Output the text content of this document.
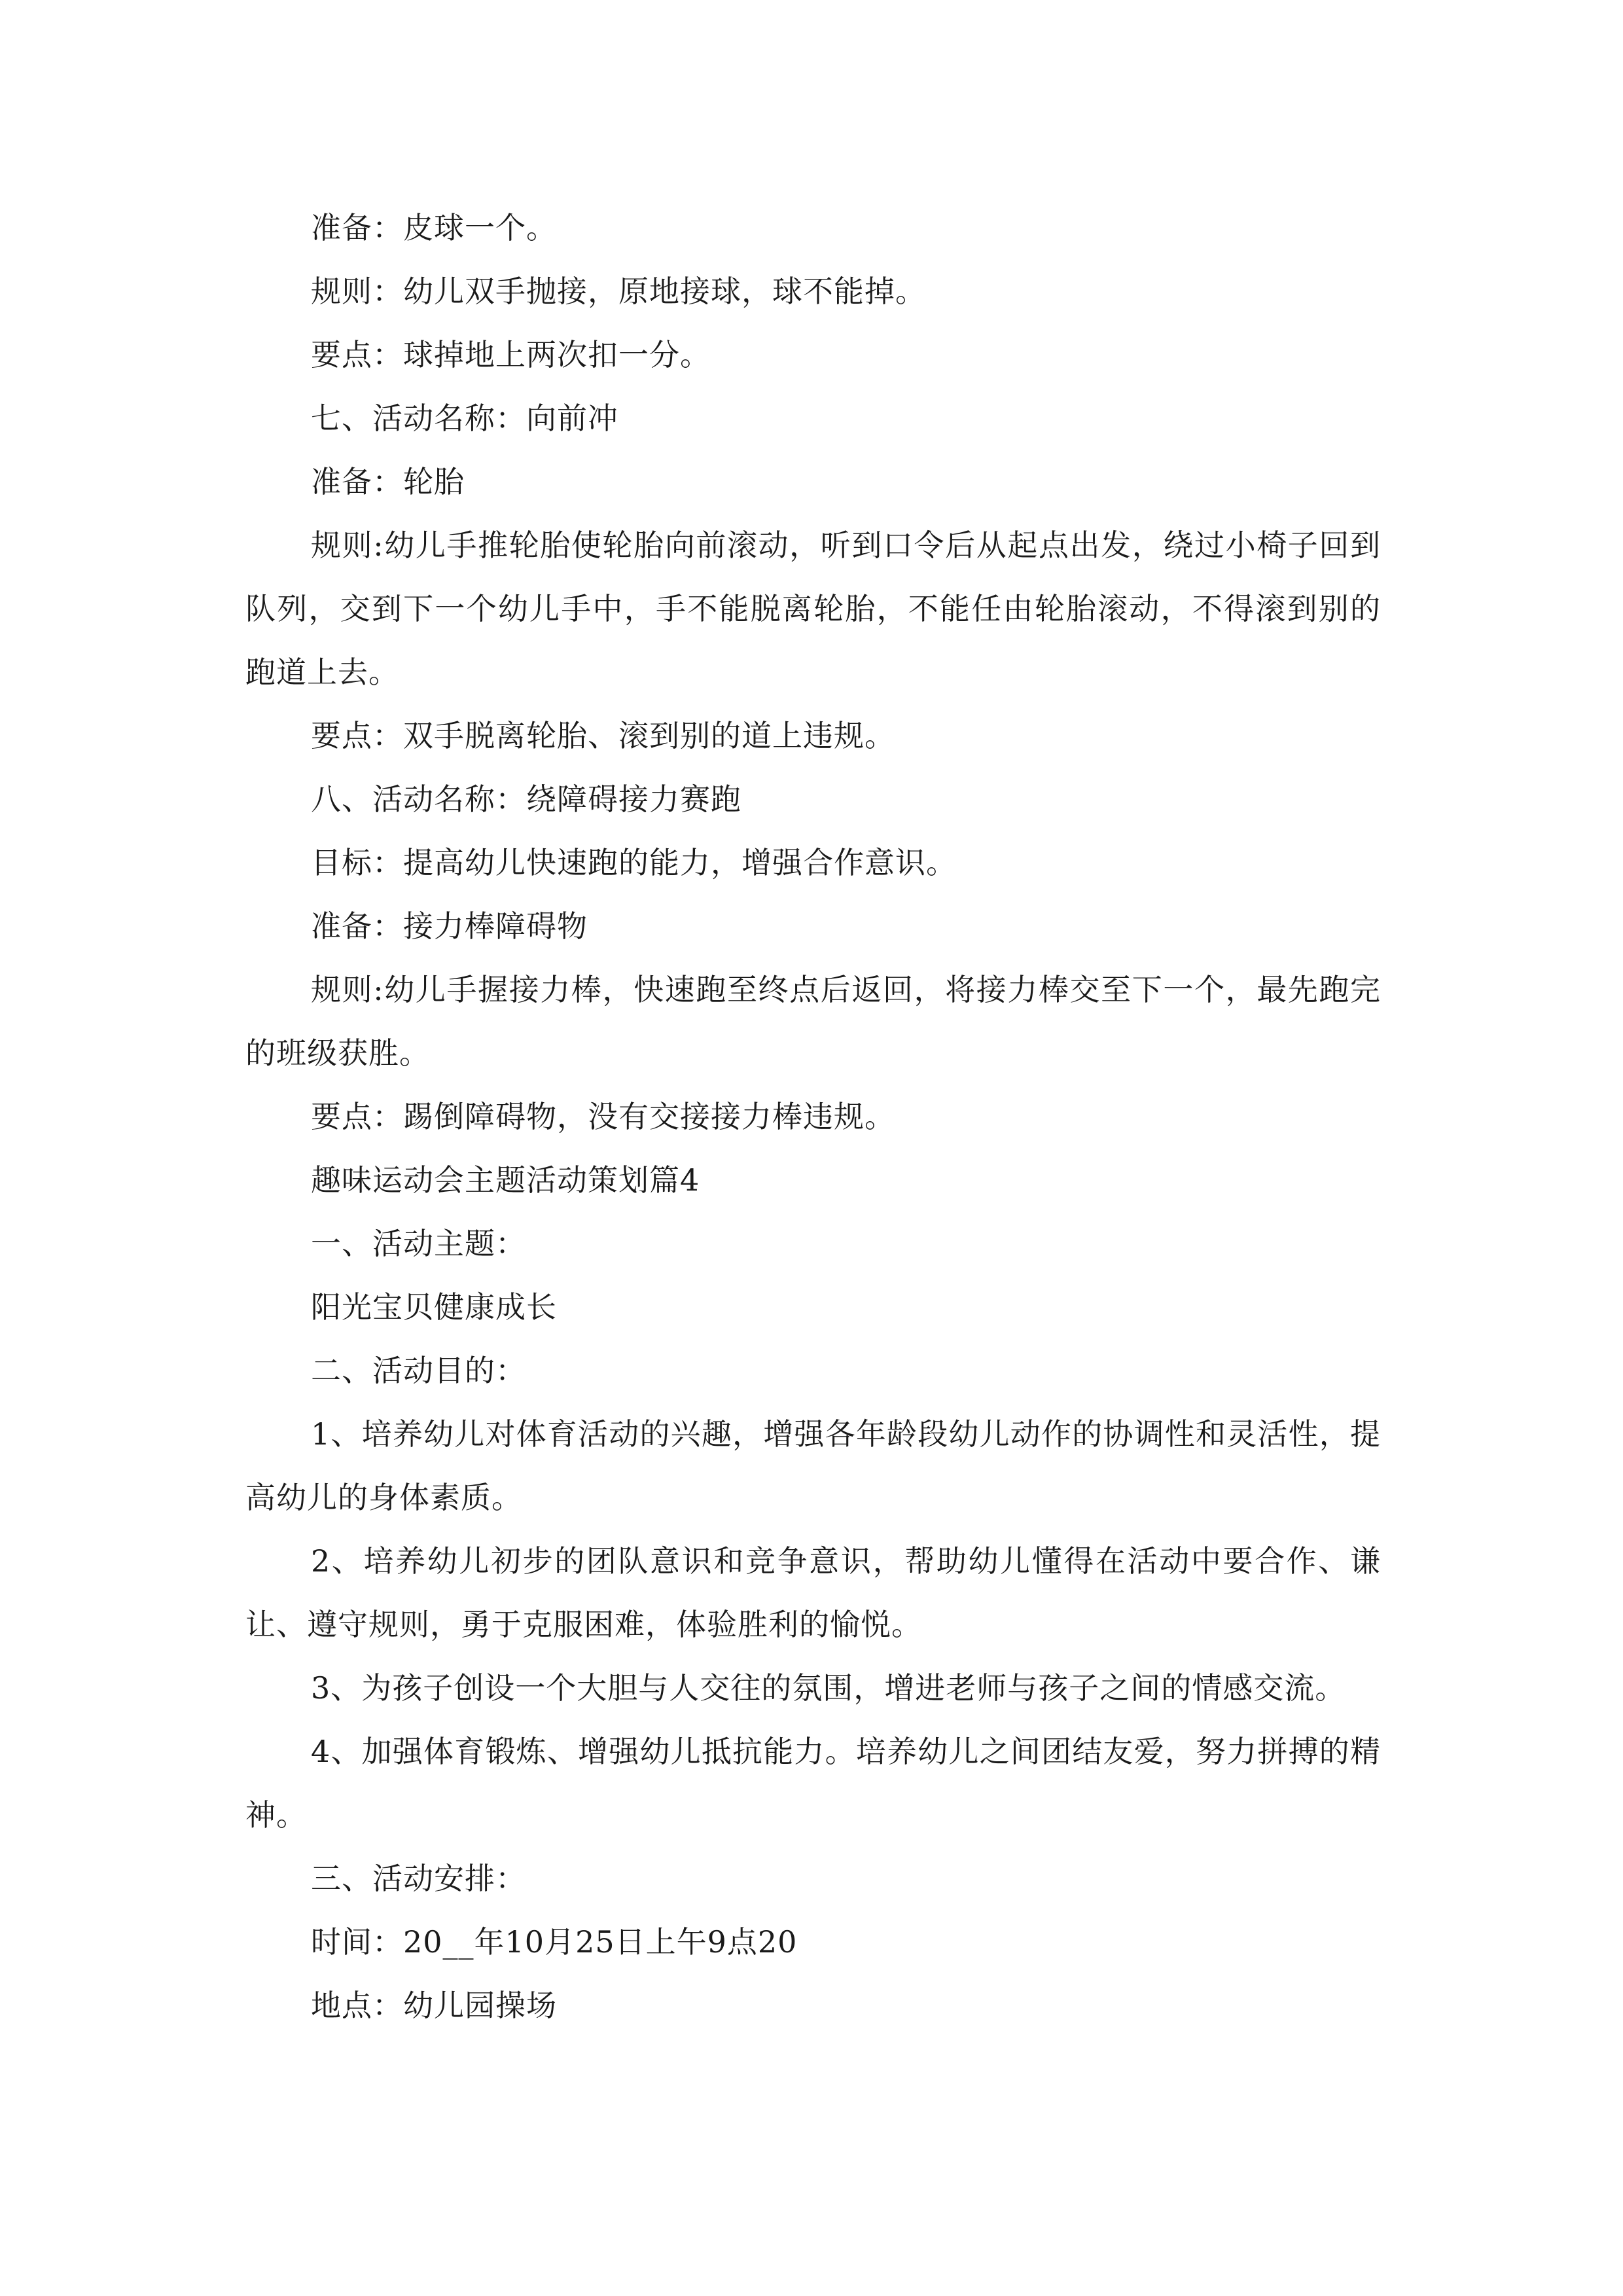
准备：皮球一个。

规则：幼儿双手抛接，原地接球，球不能掉。

要点：球掉地上两次扣一分。

七、活动名称：向前冲

准备：轮胎

规则:幼儿手推轮胎使轮胎向前滚动，听到口令后从起点出发，绕过小椅子回到队列，交到下一个幼儿手中，手不能脱离轮胎，不能任由轮胎滚动，不得滚到别的跑道上去。

要点：双手脱离轮胎、滚到别的道上违规。

八、活动名称：绕障碍接力赛跑

目标：提高幼儿快速跑的能力，增强合作意识。

准备：接力棒障碍物

规则:幼儿手握接力棒，快速跑至终点后返回，将接力棒交至下一个，最先跑完的班级获胜。

要点：踢倒障碍物，没有交接接力棒违规。

趣味运动会主题活动策划篇4

一、活动主题：

阳光宝贝健康成长

二、活动目的：

1、培养幼儿对体育活动的兴趣，增强各年龄段幼儿动作的协调性和灵活性，提高幼儿的身体素质。

2、培养幼儿初步的团队意识和竞争意识，帮助幼儿懂得在活动中要合作、谦让、遵守规则，勇于克服困难，体验胜利的愉悦。

3、为孩子创设一个大胆与人交往的氛围，增进老师与孩子之间的情感交流。

4、加强体育锻炼、增强幼儿抵抗能力。培养幼儿之间团结友爱，努力拼搏的精神。

三、活动安排：

时间：20__年10月25日上午9点20

地点：幼儿园操场
